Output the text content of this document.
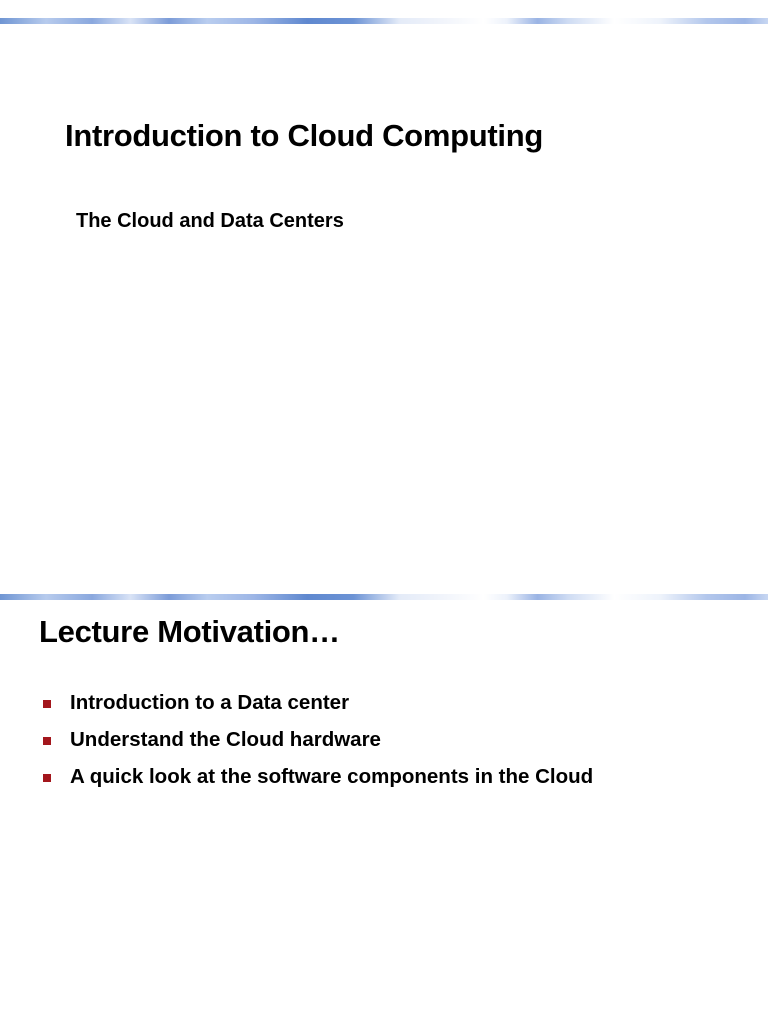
Introduction to Cloud Computing
The Cloud and Data Centers
Lecture Motivation…
Introduction to a Data center
Understand the Cloud hardware
A quick look at the software components in the Cloud
